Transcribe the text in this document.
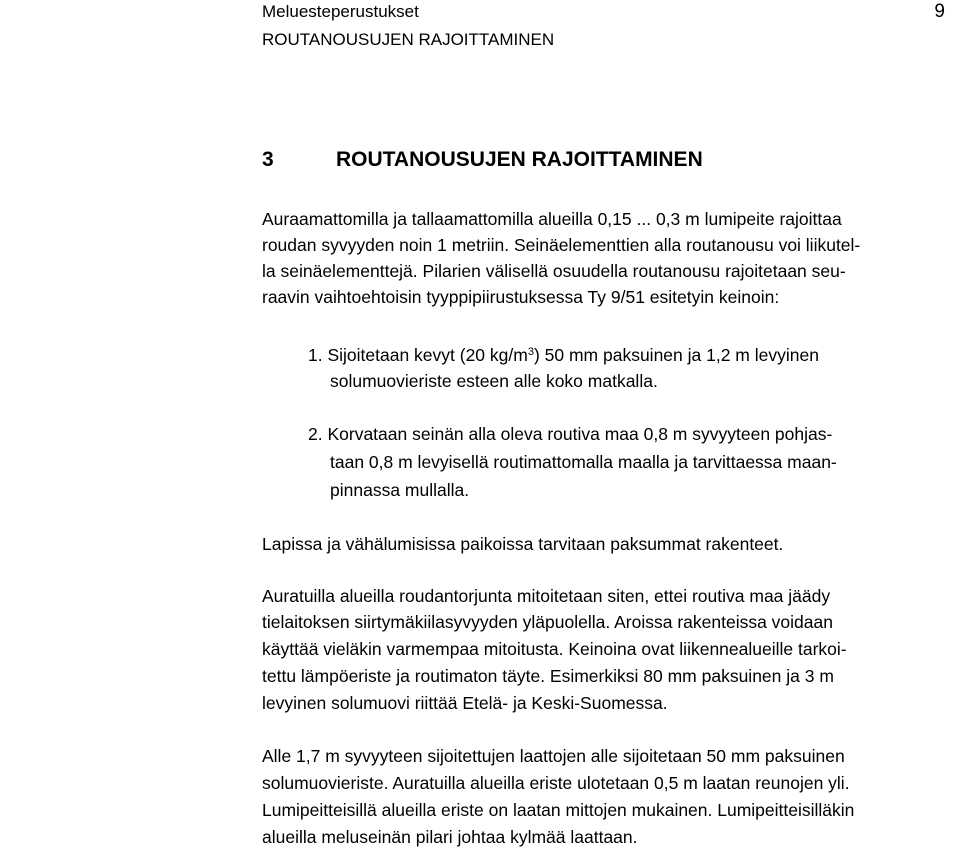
Meluesteperustukset
ROUTANOUSUJEN RAJOITTAMINEN
9
3	ROUTANOUSUJEN RAJOITTAMINEN
Auraamattomilla ja tallaamattomilla alueilla 0,15 ... 0,3 m lumipeite rajoittaa
roudan syvyyden noin 1 metriin. Seinäelementtien alla routanousu voi liikutel-
la seinäelementtejä. Pilarien välisellä osuudella routanousu rajoitetaan seu-
raavin vaihtoehtoisin tyyppipiirustuksessa Ty 9/51 esitetyin keinoin:
1. Sijoitetaan kevyt (20 $kg/m^3$) 50 mm paksuinen ja 1,2 m levyinen
solumuovieriste esteen alle koko matkalla.
2. Korvataan seinän alla oleva routiva maa 0,8 m syvyyteen pohjas-
taan 0,8 m levyisellä routimattomalla maalla ja tarvittaessa maan-
pinnassa mullalla.
Lapissa ja vähälumisissa paikoissa tarvitaan paksummat rakenteet.
Auratuilla alueilla roudantorjunta mitoitetaan siten, ettei routiva maa jäädy
tielaitoksen siirtymäkiilasyvyyden yläpuolella. Aroissa rakenteissa voidaan
käyttää vieläkin varmempaa mitoitusta. Keinoina ovat liikennealueille tarkoi-
tettu lämpöeriste ja routimaton täyte. Esimerkiksi 80 mm paksuinen ja 3 m
levyinen solumuovi riittää Etelä- ja Keski-Suomessa.
Alle 1,7 m syvyyteen sijoitettujen laattojen alle sijoitetaan 50 mm paksuinen
solumuovieriste. Auratuilla alueilla eriste ulotetaan 0,5 m laatan reunojen yli.
Lumipeitteisillä alueilla eriste on laatan mittojen mukainen. Lumipeitteisilläkin
alueilla meluseinän pilari johtaa kylmää laattaan.
